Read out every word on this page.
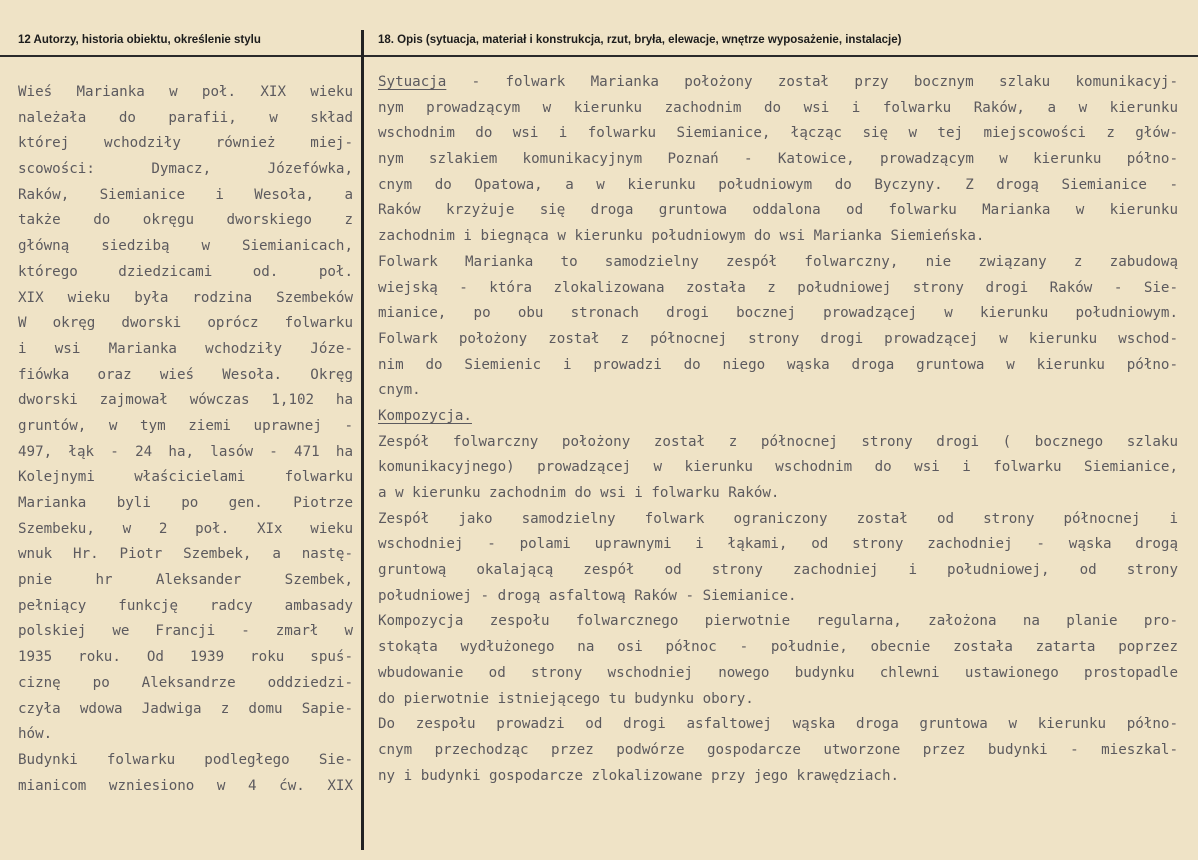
12 Autorzy, historia obiektu, określenie stylu	18. Opis (sytuacja, materiał i konstrukcja, rzut, bryła, elewacje, wnętrze wyposażenie, instalacje)
Wieś Marianka w poł. XIX wieku
należała do parafii, w skład
której wchodziły również miej-
scowości: Dymacz, Józefówka,
Raków, Siemianice i Wesoła, a
także do okręgu dworskiego z
główną siedzibą w Siemianicach,
którego dziedzicami od. poł.
XIX wieku była rodzina Szembeków
W okręg dworski oprócz folwarku
i wsi Marianka wchodziły Józe-
fiówka oraz wieś Wesoła. Okręg
dworski zajmował wówczas 1,102 ha
gruntów, w tym ziemi uprawnej -
497, łąk - 24 ha, lasów - 471 ha
Kolejnymi właścicielami folwarku
Marianka byli po gen. Piotrze
Szembeku, w 2 poł. XIx wieku
wnuk Hr. Piotr Szembek, a nastę-
pnie hr Aleksander Szembek,
pełniący funkcję radcy ambasady
polskiej we Francji - zmarł w
1935 roku. Od 1939 roku spuś-
ciznę po Aleksandrze oddziedzi-
czyła wdowa Jadwiga z domu Sapie-
hów.
Budynki folwarku podległego Sie-
mianicom wzniesiono w 4 ćw. XIX
Sytuacja - folwark Marianka położony został przy bocznym szlaku komunikacyj-
nym prowadzącym w kierunku zachodnim do wsi i folwarku Raków, a w kierunku
wschodnim do wsi i folwarku Siemianice, łącząc się w tej miejscowości z głów-
nym szlakiem komunikacyjnym Poznań - Katowice, prowadzącym w kierunku półno-
cnym do Opatowa, a w kierunku południowym do Byczyny. Z drogą Siemianice -
Raków krzyżuje się droga gruntowa oddalona od folwarku Marianka w kierunku
zachodnim i biegnąca w kierunku południowym do wsi Marianka Siemieńska.
Folwark Marianka to samodzielny zespół folwarczny, nie związany z zabudową
wiejską - która zlokalizowana została z południowej strony drogi Raków - Sie-
mianice, po obu stronach drogi bocznej prowadzącej w kierunku południowym.
Folwark położony został z północnej strony drogi prowadzącej w kierunku wschod-
nim do Siemienic i prowadzi do niego wąska droga gruntowa w kierunku półno-
cnym.
Kompozycja.
Zespół folwarczny położony został z północnej strony drogi ( bocznego szlaku
komunikacyjnego) prowadzącej w kierunku wschodnim do wsi i folwarku Siemianice,
a w kierunku zachodnim do wsi i folwarku Raków.
Zespół jako samodzielny folwark ograniczony został od strony północnej i
wschodniej - polami uprawnymi i łąkami, od strony zachodniej - wąska drogą
gruntową okalającą zespół od strony zachodniej i południowej, od strony
południowej - drogą asfaltową Raków - Siemianice.
Kompozycja zespołu folwarcznego pierwotnie regularna, założona na planie pro-
stokąta wydłużonego na osi północ - południe, obecnie została zatarta poprzez
wbudowanie od strony wschodniej nowego budynku chlewni ustawionego prostopadle
do pierwotnie istniejącego tu budynku obory.
Do zespołu prowadzi od drogi asfaltowej wąska droga gruntowa w kierunku półno-
cnym przechodząc przez podwórze gospodarcze utworzone przez budynki - mieszkal-
ny i budynki gospodarcze zlokalizowane przy jego krawędziach.
